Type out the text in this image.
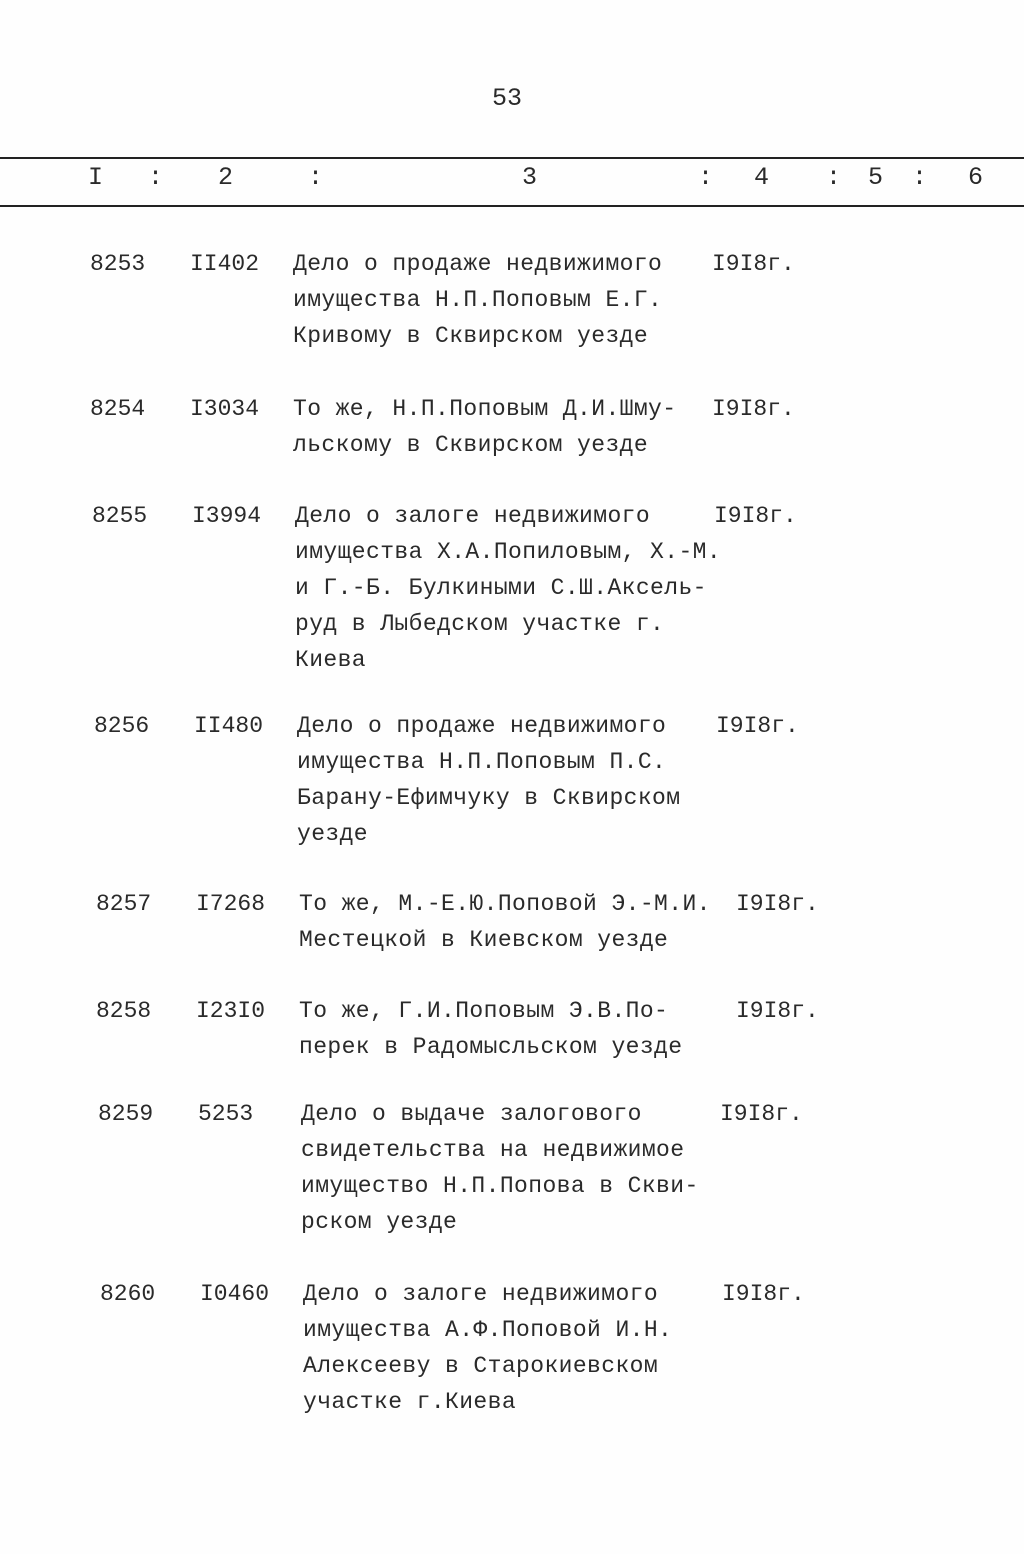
53
I : 2	:	3	: 4 : 5 : 6
8253 II402 Дело о продаже недвижимого
имущества Н.П.Поповым Е.Г.
Кривому в Сквирском уезде
I9I8г.
8254 I3034 То же, Н.П.Поповым Д.И.Шму-
льскому в Сквирском уезде
I9I8г.
8255 I3994 Дело о залоге недвижимого
имущества Х.А.Попиловым, Х.-М.
и Г.-Б. Булкиными С.Ш.Аксель-
руд в Лыбедском участке г.
Киева
I9I8г.
8256 II480 Дело о продаже недвижимого
имущества Н.П.Поповым П.С.
Барану-Ефимчуку в Сквирском
уезде
I9I8г.
8257 I7268 То же, М.-Е.Ю.Поповой Э.-М.И.
Местецкой в Киевском уезде
I9I8г.
8258 I23I0 То же, Г.И.Поповым Э.В.По-
перек в Радомысльском уезде
I9I8г.
8259 5253 Дело о выдаче залогового
свидетельства на недвижимое
имущество Н.П.Попова в Скви-
рском уезде
I9I8г.
8260 I0460 Дело о залоге недвижимого
имущества А.Ф.Поповой И.Н.
Алексееву в Старокиевском
участке г.Киева
I9I8г.
